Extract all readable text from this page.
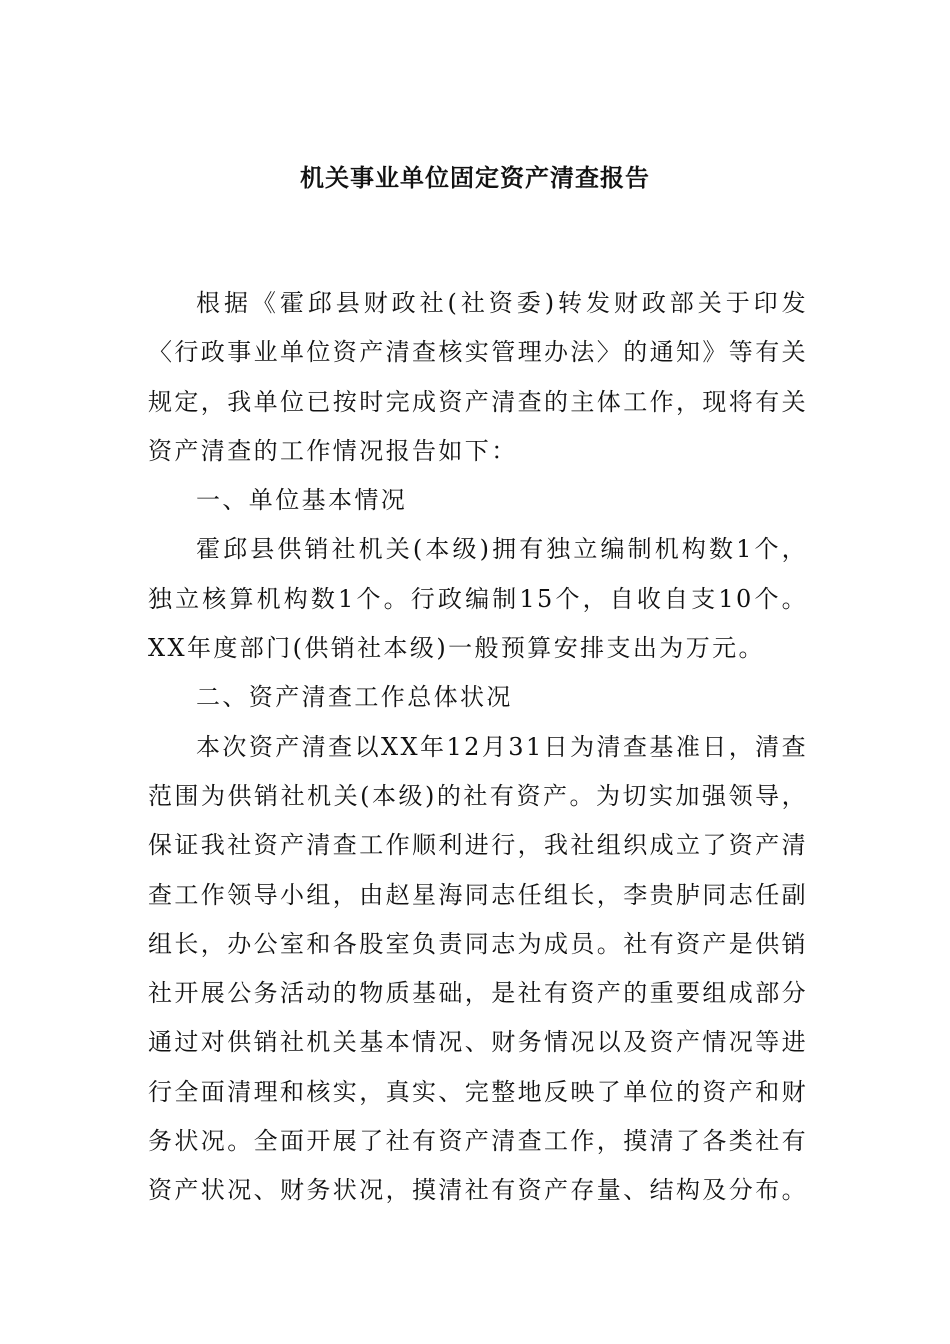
机关事业单位固定资产清查报告

根据《霍邱县财政社(社资委)转发财政部关于印发〈行政事业单位资产清查核实管理办法〉的通知》等有关规定，我单位已按时完成资产清查的主体工作，现将有关资产清查的工作情况报告如下：

一、单位基本情况

霍邱县供销社机关(本级)拥有独立编制机构数1个，独立核算机构数1个。行政编制15个，自收自支10个。XX年度部门(供销社本级)一般预算安排支出为万元。

二、资产清查工作总体状况

本次资产清查以XX年12月31日为清查基准日，清查范围为供销社机关(本级)的社有资产。为切实加强领导，保证我社资产清查工作顺利进行，我社组织成立了资产清查工作领导小组，由赵星海同志任组长，李贵胪同志任副组长，办公室和各股室负责同志为成员。社有资产是供销社开展公务活动的物质基础，是社有资产的重要组成部分通过对供销社机关基本情况、财务情况以及资产情况等进行全面清理和核实，真实、完整地反映了单位的资产和财务状况。全面开展了社有资产清查工作，摸清了各类社有资产状况、财务状况，摸清社有资产存量、结构及分布。
